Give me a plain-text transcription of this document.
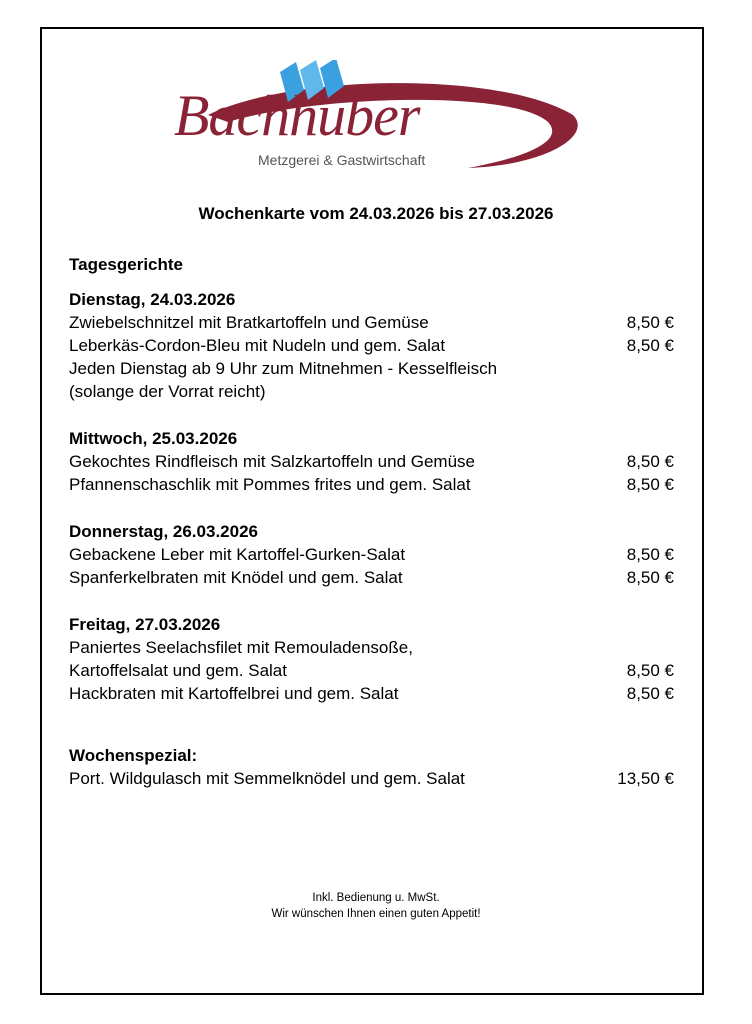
Bachhuber
Metzgerei & Gastwirtschaft
Wochenkarte vom 24.03.2026 bis 27.03.2026
Tagesgerichte
Dienstag, 24.03.2026
Zwiebelschnitzel mit Bratkartoffeln und Gemüse	8,50 €
Leberkäs-Cordon-Bleu mit Nudeln und gem. Salat	8,50 €
Jeden Dienstag ab 9 Uhr zum Mitnehmen - Kesselfleisch
(solange der Vorrat reicht)
Mittwoch, 25.03.2026
Gekochtes Rindfleisch mit Salzkartoffeln und Gemüse	8,50 €
Pfannenschaschlik mit Pommes frites und gem. Salat	8,50 €
Donnerstag, 26.03.2026
Gebackene Leber mit Kartoffel-Gurken-Salat	8,50 €
Spanferkelbraten mit Knödel und gem. Salat	8,50 €
Freitag, 27.03.2026
Paniertes Seelachsfilet mit Remouladensoße,
Kartoffelsalat und gem. Salat	8,50 €
Hackbraten mit Kartoffelbrei und gem. Salat	8,50 €
Wochenspezial:
Port. Wildgulasch mit Semmelknödel und gem. Salat	13,50 €
Inkl. Bedienung u. MwSt.
Wir wünschen Ihnen einen guten Appetit!
